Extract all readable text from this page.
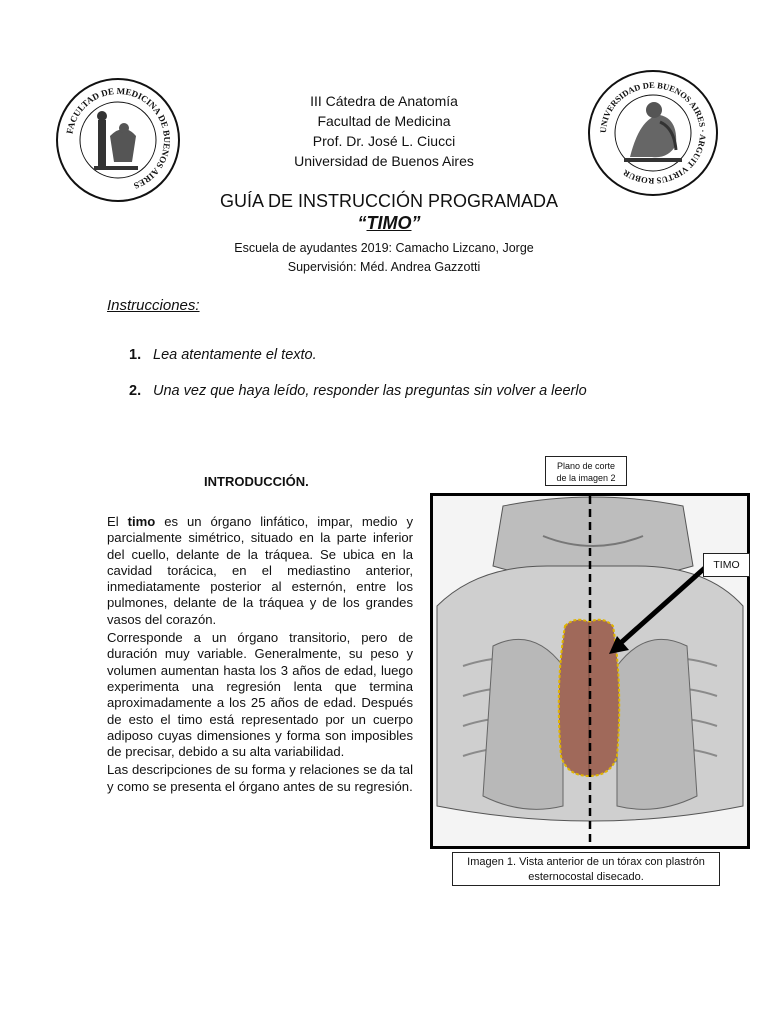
FACULTAD DE MEDICINA DE BUENOS AIRES
UNIVERSIDAD DE BUENOS AIRES · ARGUIT VIRTUS ROBUR
III Cátedra de Anatomía
Facultad de Medicina
Prof. Dr. José L. Ciucci
Universidad de Buenos Aires
GUÍA DE INSTRUCCIÓN PROGRAMADA
“TIMO”
Escuela de ayudantes 2019: Camacho Lizcano, Jorge
Supervisión: Méd. Andrea Gazzotti
Instrucciones:
1. Lea atentamente el texto.
2. Una vez que haya leído, responder las preguntas sin volver a leerlo
INTRODUCCIÓN.

El timo es un órgano linfático, impar, medio y parcialmente simétrico, situado en la parte inferior del cuello, delante de la tráquea. Se ubica en la cavidad torácica, en el mediastino anterior, inmediatamente posterior al esternón, entre los pulmones, delante de la tráquea y de los grandes vasos del corazón.

Corresponde a un órgano transitorio, pero de duración muy variable. Generalmente, su peso y volumen aumentan hasta los 3 años de edad, luego experimenta una regresión lenta que termina aproximadamente a los 25 años de edad. Después de esto el timo está representado por un cuerpo adiposo cuyas dimensiones y forma son imposibles de precisar, debido a su alta variabilidad.

Las descripciones de su forma y relaciones se da tal y como se presenta el órgano antes de su regresión.

Plano de corte
de la imagen 2
TIMO
Imagen 1. Vista anterior de un tórax con plastrón
esternocostal disecado.
